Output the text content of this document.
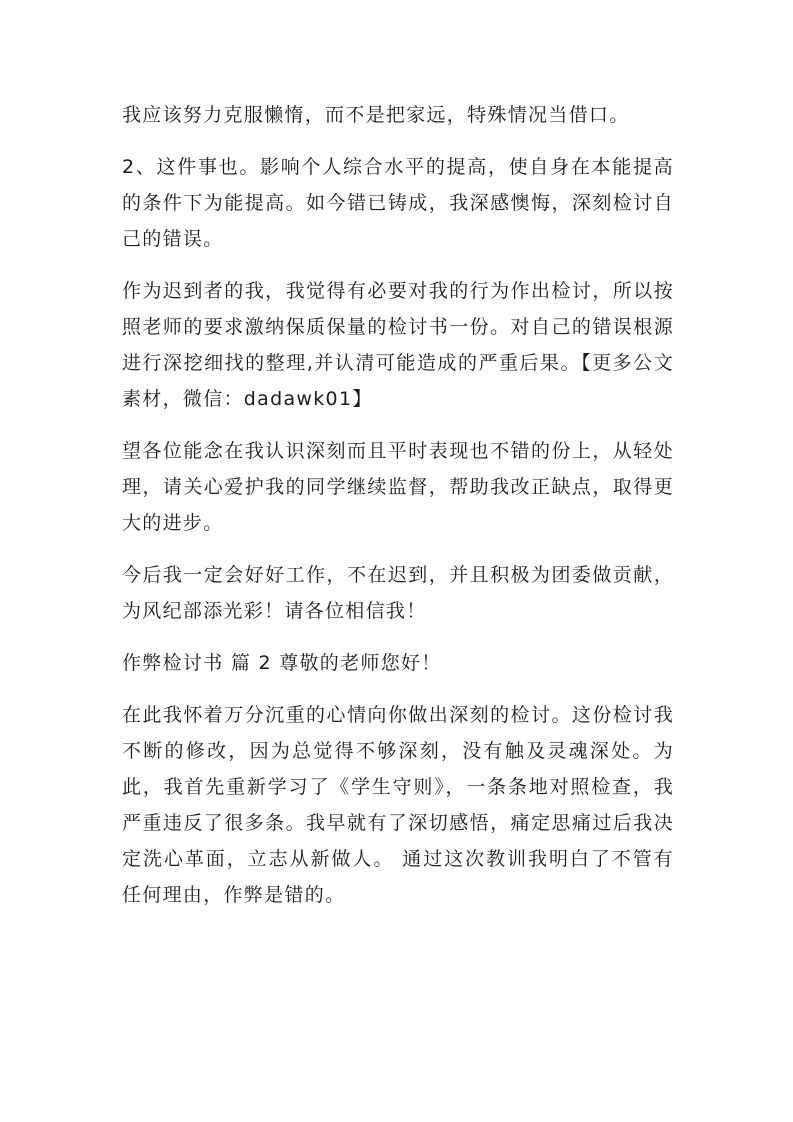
我应该努力克服懒惰，而不是把家远，特殊情况当借口。

2、这件事也。影响个人综合水平的提高，使自身在本能提高的条件下为能提高。如今错已铸成，我深感懊悔，深刻检讨自己的错误。

作为迟到者的我，我觉得有必要对我的行为作出检讨，所以按照老师的要求激纳保质保量的检讨书一份。对自己的错误根源进行深挖细找的整理,并认清可能造成的严重后果。【更多公文素材，微信：dadawk01】

望各位能念在我认识深刻而且平时表现也不错的份上，从轻处理，请关心爱护我的同学继续监督，帮助我改正缺点，取得更大的进步。

今后我一定会好好工作，不在迟到，并且积极为团委做贡献，为风纪部添光彩！请各位相信我！

作弊检讨书 篇 2 尊敬的老师您好！

在此我怀着万分沉重的心情向你做出深刻的检讨。这份检讨我不断的修改，因为总觉得不够深刻，没有触及灵魂深处。为此，我首先重新学习了《学生守则》，一条条地对照检查，我严重违反了很多条。我早就有了深切感悟，痛定思痛过后我决定洗心革面，立志从新做人。 通过这次教训我明白了不管有任何理由，作弊是错的。
